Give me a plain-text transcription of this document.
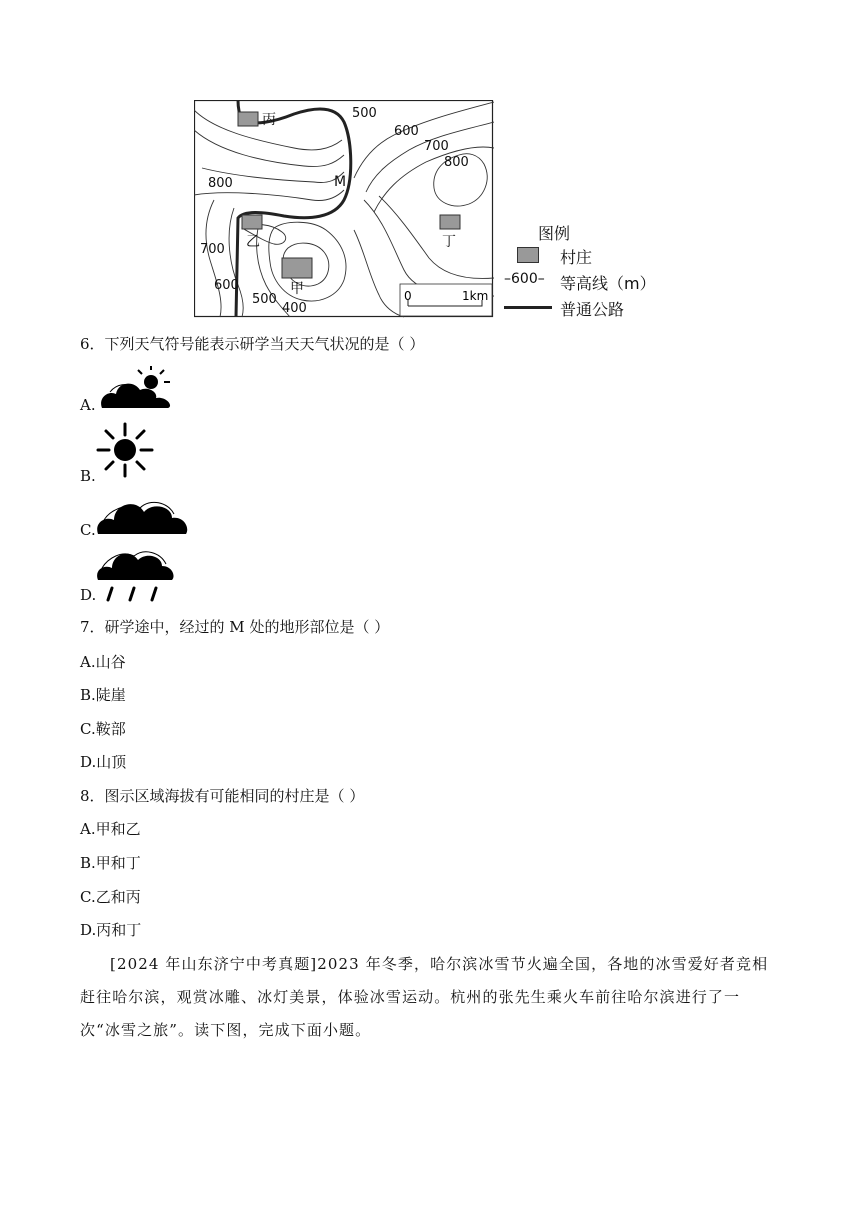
丙
乙
甲
丁
M
500
600
700
800
800
700
600
500
400
0	1km
图例
村庄
–600– 等高线（m）
普通公路
6．下列天气符号能表示研学当天天气状况的是（ ）
A.
B.
C.
D.
7．研学途中，经过的 M 处的地形部位是（ ）
A.山谷
B.陡崖
C.鞍部
D.山顶
8．图示区域海拔有可能相同的村庄是（ ）
A.甲和乙
B.甲和丁
C.乙和丙
D.丙和丁
[2024 年山东济宁中考真题]2023 年冬季，哈尔滨冰雪节火遍全国，各地的冰雪爱好者竞相赶往哈尔滨，观赏冰雕、冰灯美景，体验冰雪运动。杭州的张先生乘火车前往哈尔滨进行了一次“冰雪之旅”。读下图，完成下面小题。
